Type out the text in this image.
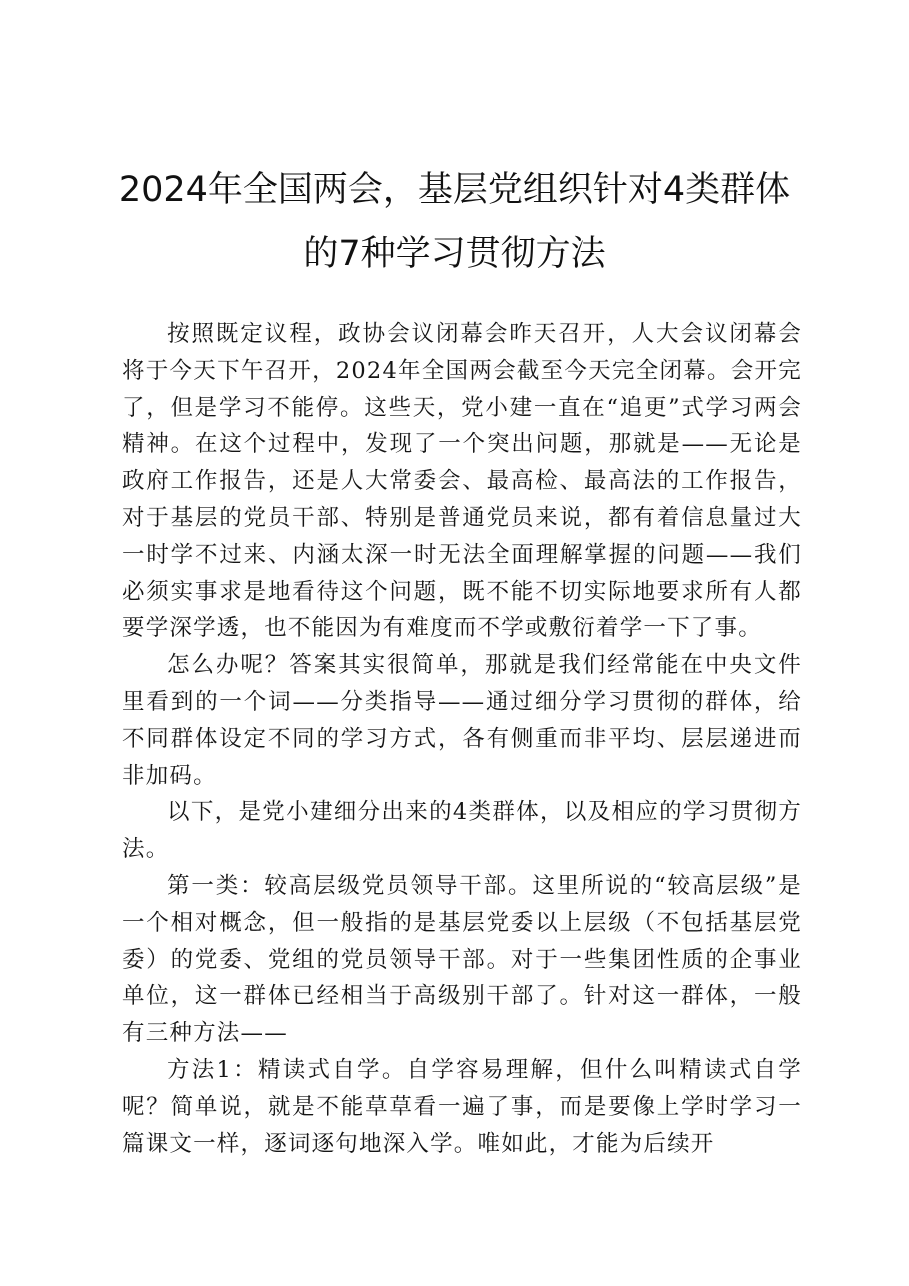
2024年全国两会，基层党组织针对4类群体
的7种学习贯彻方法

按照既定议程，政协会议闭幕会昨天召开，人大会议闭幕会将于今天下午召开，2024年全国两会截至今天完全闭幕。会开完了，但是学习不能停。这些天，党小建一直在“追更”式学习两会精神。在这个过程中，发现了一个突出问题，那就是——无论是政府工作报告，还是人大常委会、最高检、最高法的工作报告，对于基层的党员干部、特别是普通党员来说，都有着信息量过大一时学不过来、内涵太深一时无法全面理解掌握的问题——我们必须实事求是地看待这个问题，既不能不切实际地要求所有人都要学深学透，也不能因为有难度而不学或敷衍着学一下了事。

怎么办呢？答案其实很简单，那就是我们经常能在中央文件里看到的一个词——分类指导——通过细分学习贯彻的群体，给不同群体设定不同的学习方式，各有侧重而非平均、层层递进而非加码。

以下，是党小建细分出来的4类群体，以及相应的学习贯彻方法。

第一类：较高层级党员领导干部。这里所说的“较高层级”是一个相对概念，但一般指的是基层党委以上层级（不包括基层党委）的党委、党组的党员领导干部。对于一些集团性质的企事业单位，这一群体已经相当于高级别干部了。针对这一群体，一般有三种方法——

方法1：精读式自学。自学容易理解，但什么叫精读式自学呢？简单说，就是不能草草看一遍了事，而是要像上学时学习一篇课文一样，逐词逐句地深入学。唯如此，才能为后续开
